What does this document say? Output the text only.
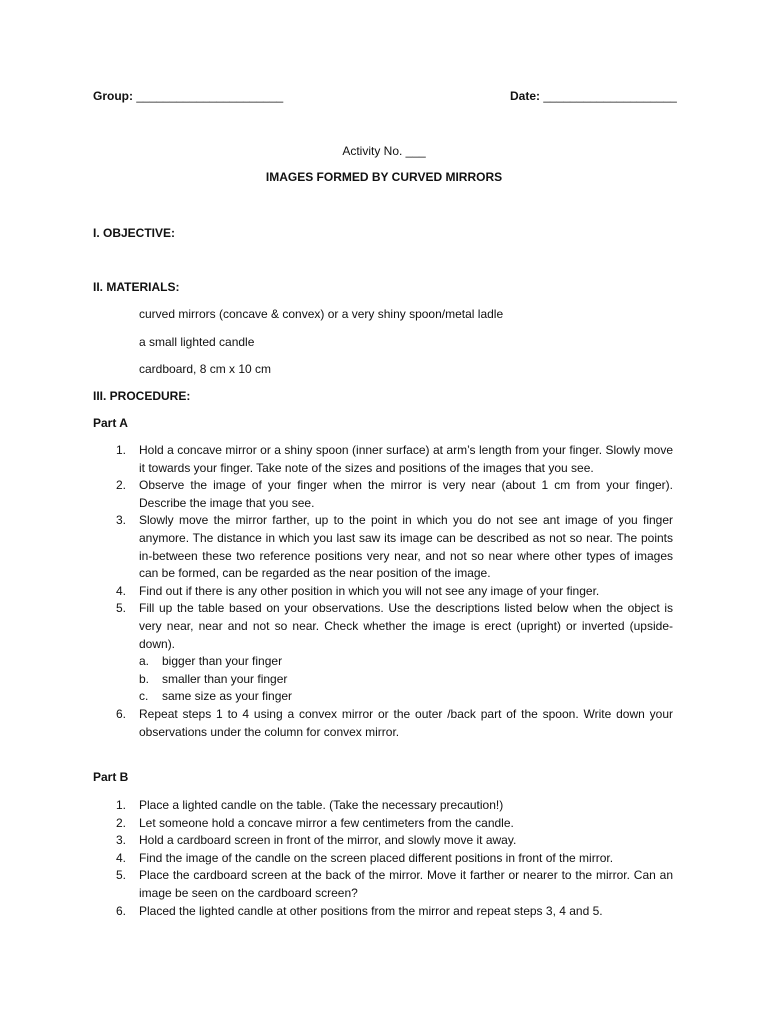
Group: ______________________	Date: ____________________
Activity No. ___
IMAGES FORMED BY CURVED MIRRORS
I. OBJECTIVE:
II. MATERIALS:
curved mirrors (concave & convex) or a very shiny spoon/metal ladle
a small lighted candle
cardboard, 8 cm x 10 cm
III. PROCEDURE:
Part A
1. Hold a concave mirror or a shiny spoon (inner surface) at arm’s length from your finger. Slowly move it towards your finger. Take note of the sizes and positions of the images that you see.
2. Observe the image of your finger when the mirror is very near (about 1 cm from your finger). Describe the image that you see.
3. Slowly move the mirror farther, up to the point in which you do not see ant image of you finger anymore. The distance in which you last saw its image can be described as not so near. The points in-between these two reference positions very near, and not so near where other types of images can be formed, can be regarded as the near position of the image.
4. Find out if there is any other position in which you will not see any image of your finger.
5. Fill up the table based on your observations. Use the descriptions listed below when the object is very near, near and not so near. Check whether the image is erect (upright) or inverted (upside-down).
a. bigger than your finger
b. smaller than your finger
c. same size as your finger
6. Repeat steps 1 to 4 using a convex mirror or the outer /back part of the spoon. Write down your observations under the column for convex mirror.
Part B
1. Place a lighted candle on the table. (Take the necessary precaution!)
2. Let someone hold a concave mirror a few centimeters from the candle.
3. Hold a cardboard screen in front of the mirror, and slowly move it away.
4. Find the image of the candle on the screen placed different positions in front of the mirror.
5. Place the cardboard screen at the back of the mirror. Move it farther or nearer to the mirror. Can an image be seen on the cardboard screen?
6. Placed the lighted candle at other positions from the mirror and repeat steps 3, 4 and 5.
